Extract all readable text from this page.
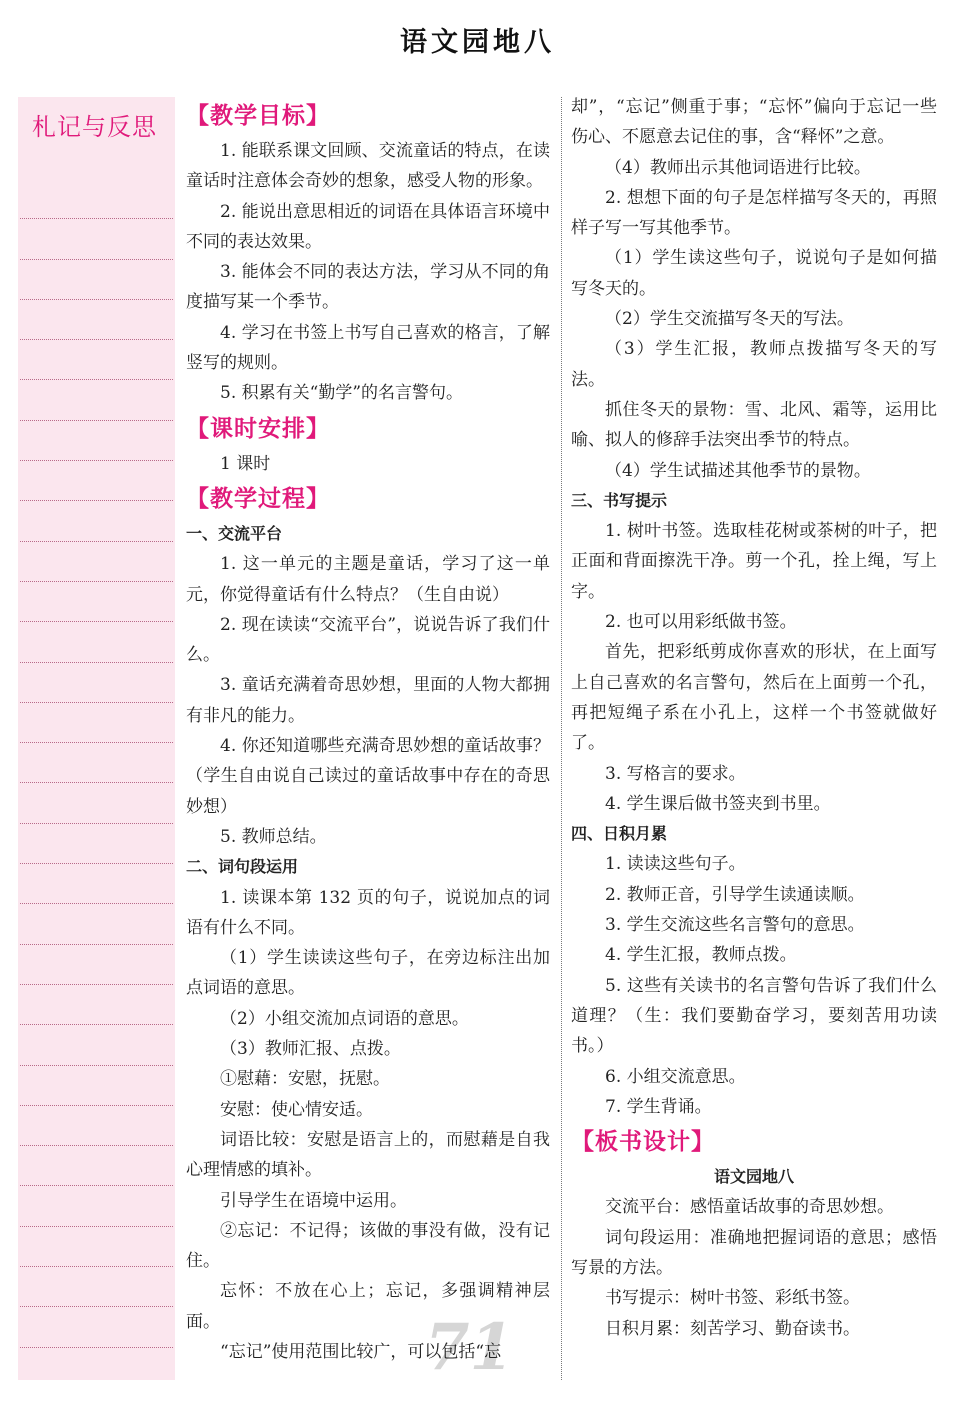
语文园地八
札记与反思
71

【教学目标】

1. 能联系课文回顾、交流童话的特点，在读童话时注意体会奇妙的想象，感受人物的形象。

2. 能说出意思相近的词语在具体语言环境中不同的表达效果。

3. 能体会不同的表达方法，学习从不同的角度描写某一个季节。

4. 学习在书签上书写自己喜欢的格言，了解竖写的规则。

5. 积累有关“勤学”的名言警句。

【课时安排】

1 课时

【教学过程】

一、交流平台

1. 这一单元的主题是童话，学习了这一单元，你觉得童话有什么特点？（生自由说）

2. 现在读读“交流平台”，说说告诉了我们什么。

3. 童话充满着奇思妙想，里面的人物大都拥有非凡的能力。

4. 你还知道哪些充满奇思妙想的童话故事？（学生自由说自己读过的童话故事中存在的奇思妙想）

5. 教师总结。

二、词句段运用

1. 读课本第 132 页的句子，说说加点的词语有什么不同。

（1）学生读读这些句子，在旁边标注出加点词语的意思。

（2）小组交流加点词语的意思。

（3）教师汇报、点拨。

①慰藉：安慰，抚慰。

安慰：使心情安适。

词语比较：安慰是语言上的，而慰藉是自我心理情感的填补。

引导学生在语境中运用。

②忘记：不记得；该做的事没有做，没有记住。

忘怀：不放在心上；忘记，多强调精神层面。

“忘记”使用范围比较广，可以包括“忘

却”，“忘记”侧重于事；“忘怀”偏向于忘记一些伤心、不愿意去记住的事，含“释怀”之意。

（4）教师出示其他词语进行比较。

2. 想想下面的句子是怎样描写冬天的，再照样子写一写其他季节。

（1）学生读这些句子，说说句子是如何描写冬天的。

（2）学生交流描写冬天的写法。

（3）学生汇报，教师点拨描写冬天的写法。

抓住冬天的景物：雪、北风、霜等，运用比喻、拟人的修辞手法突出季节的特点。

（4）学生试描述其他季节的景物。

三、书写提示

1. 树叶书签。选取桂花树或茶树的叶子，把正面和背面擦洗干净。剪一个孔，拴上绳，写上字。

2. 也可以用彩纸做书签。

首先，把彩纸剪成你喜欢的形状，在上面写上自己喜欢的名言警句，然后在上面剪一个孔，再把短绳子系在小孔上，这样一个书签就做好了。

3. 写格言的要求。

4. 学生课后做书签夹到书里。

四、日积月累

1. 读读这些句子。

2. 教师正音，引导学生读通读顺。

3. 学生交流这些名言警句的意思。

4. 学生汇报，教师点拨。

5. 这些有关读书的名言警句告诉了我们什么道理？（生：我们要勤奋学习，要刻苦用功读书。）

6. 小组交流意思。

7. 学生背诵。

【板书设计】

语文园地八

交流平台：感悟童话故事的奇思妙想。

词句段运用：准确地把握词语的意思；感悟写景的方法。

书写提示：树叶书签、彩纸书签。

日积月累：刻苦学习、勤奋读书。
